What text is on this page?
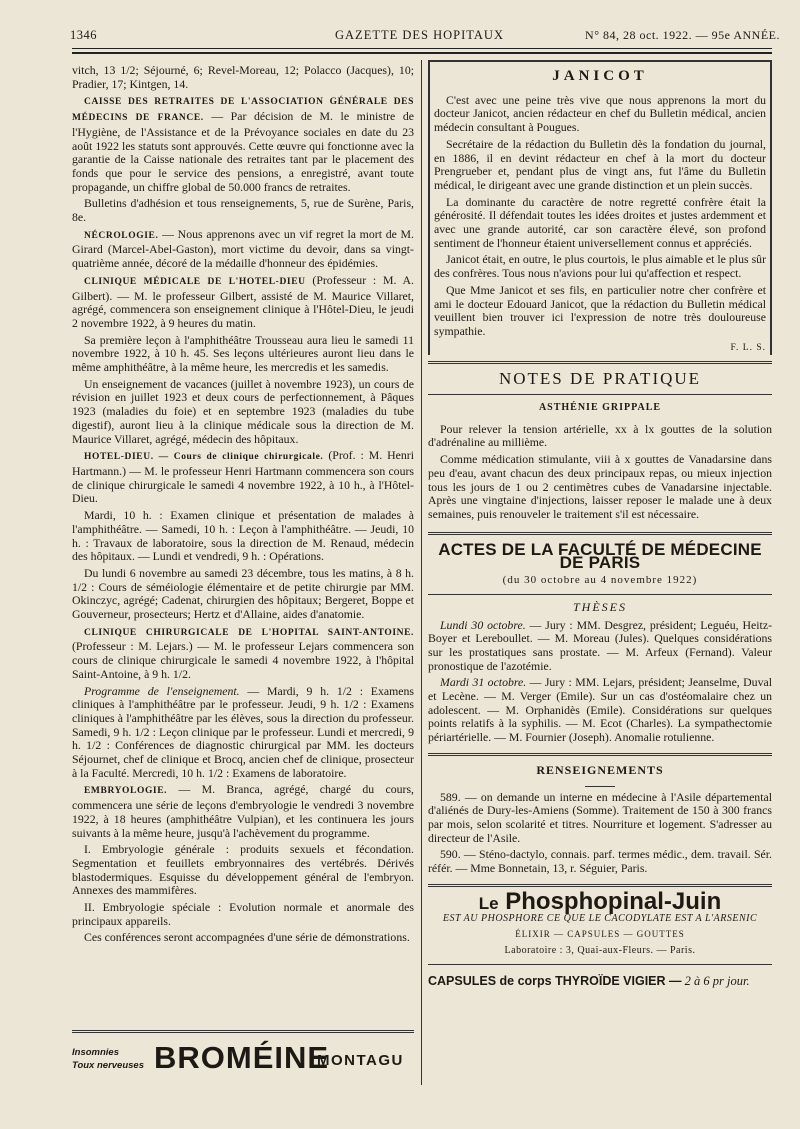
1346	GAZETTE DES HOPITAUX	N° 84, 28 oct. 1922. — 95e ANNÉE.

vitch, 13 1/2; Séjourné, 6; Revel-Moreau, 12; Polacco (Jacques), 10; Pradier, 17; Kintgen, 14.

CAISSE DES RETRAITES DE L'ASSOCIATION GÉNÉRALE DES MÉDECINS DE FRANCE. — Par décision de M. le ministre de l'Hygiène, de l'Assistance et de la Prévoyance sociales en date du 23 août 1922 les statuts sont approuvés. Cette œuvre qui fonctionne avec la garantie de la Caisse nationale des retraites tant par le placement des fonds que pour le service des pensions, a enregistré, avant toute propagande, un chiffre global de 50.000 francs de retraites.

Bulletins d'adhésion et tous renseignements, 5, rue de Surène, Paris, 8e.

NÉCROLOGIE. — Nous apprenons avec un vif regret la mort de M. Girard (Marcel-Abel-Gaston), mort victime du devoir, dans sa vingt-quatrième année, décoré de la médaille d'honneur des épidémies.

CLINIQUE MÉDICALE DE L'HOTEL-DIEU (Professeur : M. A. Gilbert). — M. le professeur Gilbert, assisté de M. Maurice Villaret, agrégé, commencera son enseignement clinique à l'Hôtel-Dieu, le jeudi 2 novembre 1922, à 9 heures du matin.

Sa première leçon à l'amphithéâtre Trousseau aura lieu le samedi 11 novembre 1922, à 10 h. 45. Ses leçons ultérieures auront lieu dans le même amphithéâtre, à la même heure, les mercredis et les samedis.

Un enseignement de vacances (juillet à novembre 1923), un cours de révision en juillet 1923 et deux cours de perfectionnement, à Pâques 1923 (maladies du foie) et en septembre 1923 (maladies du tube digestif), auront lieu à la clinique médicale sous la direction de M. Maurice Villaret, agrégé, médecin des hôpitaux.

HOTEL-DIEU. — Cours de clinique chirurgicale. (Prof. : M. Henri Hartmann.) — M. le professeur Henri Hartmann commencera son cours de clinique chirurgicale le samedi 4 novembre 1922, à 10 h., à l'Hôtel-Dieu.

Mardi, 10 h. : Examen clinique et présentation de malades à l'amphithéâtre. — Samedi, 10 h. : Leçon à l'amphithéâtre. — Jeudi, 10 h. : Travaux de laboratoire, sous la direction de M. Renaud, médecin des hôpitaux. — Lundi et vendredi, 9 h. : Opérations.

Du lundi 6 novembre au samedi 23 décembre, tous les matins, à 8 h. 1/2 : Cours de séméiologie élémentaire et de petite chirurgie par MM. Okinczyc, agrégé; Cadenat, chirurgien des hôpitaux; Bergeret, Boppe et Gouverneur, prosecteurs; Hertz et d'Allaine, aides d'anatomie.

CLINIQUE CHIRURGICALE DE L'HOPITAL SAINT-ANTOINE. (Professeur : M. Lejars.) — M. le professeur Lejars commencera son cours de clinique chirurgicale le samedi 4 novembre 1922, à l'hôpital Saint-Antoine, à 9 h. 1/2.

Programme de l'enseignement. — Mardi, 9 h. 1/2 : Examens cliniques à l'amphithéâtre par le professeur. Jeudi, 9 h. 1/2 : Examens cliniques à l'amphithéâtre par les élèves, sous la direction du professeur. Samedi, 9 h. 1/2 : Leçon clinique par le professeur. Lundi et mercredi, 9 h. 1/2 : Conférences de diagnostic chirurgical par MM. les docteurs Séjournet, chef de clinique et Brocq, ancien chef de clinique, prosecteur à la Faculté. Mercredi, 10 h. 1/2 : Examens de laboratoire.

EMBRYOLOGIE. — M. Branca, agrégé, chargé du cours, commencera une série de leçons d'embryologie le vendredi 3 novembre 1922, à 18 heures (amphithéâtre Vulpian), et les continuera les jours suivants à la même heure, jusqu'à l'achèvement du programme.

I. Embryologie générale : produits sexuels et fécondation. Segmentation et feuillets embryonnaires des vertébrés. Dérivés blastodermiques. Esquisse du développement général de l'embryon. Annexes des mammifères.

II. Embryologie spéciale : Evolution normale et anormale des principaux appareils.

Ces conférences seront accompagnées d'une série de démonstrations.

Insomnies
Toux nerveuses BROMÉINE
MONTAGU
JANICOT

C'est avec une peine très vive que nous apprenons la mort du docteur Janicot, ancien rédacteur en chef du Bulletin médical, ancien médecin consultant à Pougues.

Secrétaire de la rédaction du Bulletin dès la fondation du journal, en 1886, il en devint rédacteur en chef à la mort du docteur Prengrueber et, pendant plus de vingt ans, fut l'âme du Bulletin médical, le dirigeant avec une grande distinction et un plein succès.

La dominante du caractère de notre regretté confrère était la générosité. Il défendait toutes les idées droites et justes ardemment et avec une grande autorité, car son caractère élevé, son profond sentiment de l'honneur étaient universellement connus et appréciés.

Janicot était, en outre, le plus courtois, le plus aimable et le plus sûr des confrères. Tous nous n'avions pour lui qu'affection et respect.

Que Mme Janicot et ses fils, en particulier notre cher confrère et ami le docteur Edouard Janicot, que la rédaction du Bulletin médical veuillent bien trouver ici l'expression de notre très douloureuse sympathie.

F. L. S.
NOTES DE PRATIQUE
ASTHÉNIE GRIPPALE

Pour relever la tension artérielle, xx à lx gouttes de la solution d'adrénaline au millième.

Comme médication stimulante, viii à x gouttes de Vanadarsine dans peu d'eau, avant chacun des deux principaux repas, ou mieux injection tous les jours de 1 ou 2 centimètres cubes de Vanadarsine injectable. Après une vingtaine d'injections, laisser reposer le malade une à deux semaines, puis renouveler le traitement s'il est nécessaire.

ACTES DE LA FACULTÉ DE MÉDECINE DE PARIS
(du 30 octobre au 4 novembre 1922)
THÈSES

Lundi 30 octobre. — Jury : MM. Desgrez, président; Leguéu, Heitz-Boyer et Lereboullet. — M. Moreau (Jules). Quelques considérations sur les prostatiques sans prostate. — M. Arfeux (Fernand). Valeur pronostique de l'azotémie.

Mardi 31 octobre. — Jury : MM. Lejars, président; Jeanselme, Duval et Lecène. — M. Verger (Emile). Sur un cas d'ostéomalaire chez un adolescent. — M. Orphanidès (Emile). Considérations sur quelques points relatifs à la syphilis. — M. Ecot (Charles). La sympathectomie périartérielle. — M. Fournier (Joseph). Anomalie rotulienne.

RENSEIGNEMENTS

589. — on demande un interne en médecine à l'Asile départemental d'aliénés de Dury-les-Amiens (Somme). Traitement de 150 à 300 francs par mois, selon scolarité et titres. Nourriture et logement. S'adresser au directeur de l'Asile.

590. — Sténo-dactylo, connais. parf. termes médic., dem. travail. Sér. référ. — Mme Bonnetain, 13, r. Séguier, Paris.

Le Phosphopinal-Juin
EST AU PHOSPHORE CE QUE LE CACODYLATE EST A L'ARSENIC
ÉLIXIR — CAPSULES — GOUTTES
Laboratoire : 3, Quai-aux-Fleurs. — Paris.
CAPSULES de corps THYROÏDE VIGIER — 2 à 6 pr jour.
